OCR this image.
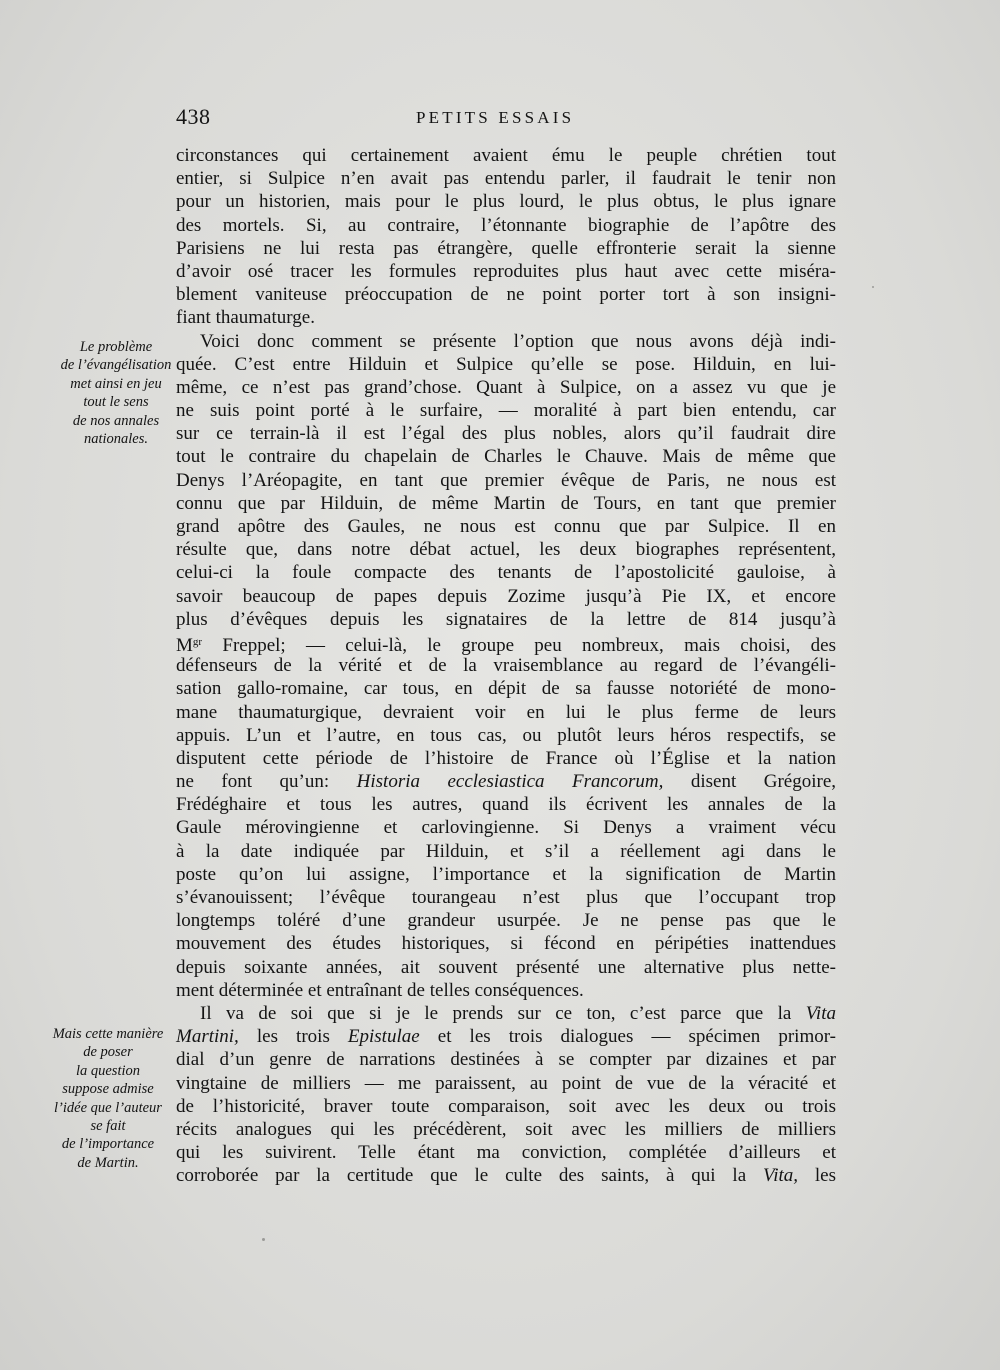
438	PETITS ESSAIS
Le problème
de l’évangélisation
met ainsi en jeu
tout le sens
de nos annales
nationales.
Mais cette manière
de poser
la question
suppose admise
l’idée que l’auteur
se fait
de l’importance
de Martin.
circonstances qui certainement avaient ému le peuple chrétien tout
entier, si Sulpice n’en avait pas entendu parler, il faudrait le tenir non
pour un historien, mais pour le plus lourd, le plus obtus, le plus ignare
des mortels. Si, au contraire, l’étonnante biographie de l’apôtre des
Parisiens ne lui resta pas étrangère, quelle effronterie serait la sienne
d’avoir osé tracer les formules reproduites plus haut avec cette miséra-
blement vaniteuse préoccupation de ne point porter tort à son insigni-
fiant thaumaturge.
Voici donc comment se présente l’option que nous avons déjà indi-
quée. C’est entre Hilduin et Sulpice qu’elle se pose. Hilduin, en lui-
même, ce n’est pas grand’chose. Quant à Sulpice, on a assez vu que je
ne suis point porté à le surfaire, — moralité à part bien entendu, car
sur ce terrain-là il est l’égal des plus nobles, alors qu’il faudrait dire
tout le contraire du chapelain de Charles le Chauve. Mais de même que
Denys l’Aréopagite, en tant que premier évêque de Paris, ne nous est
connu que par Hilduin, de même Martin de Tours, en tant que premier
grand apôtre des Gaules, ne nous est connu que par Sulpice. Il en
résulte que, dans notre débat actuel, les deux biographes représentent,
celui-ci la foule compacte des tenants de l’apostolicité gauloise, à
savoir beaucoup de papes depuis Zozime jusqu’à Pie IX, et encore
plus d’évêques depuis les signataires de la lettre de 814 jusqu’à
$M^{gr}$ Freppel; — celui-là, le groupe peu nombreux, mais choisi, des
défenseurs de la vérité et de la vraisemblance au regard de l’évangéli-
sation gallo-romaine, car tous, en dépit de sa fausse notoriété de mono-
mane thaumaturgique, devraient voir en lui le plus ferme de leurs
appuis. L’un et l’autre, en tous cas, ou plutôt leurs héros respectifs, se
disputent cette période de l’histoire de France où l’Église et la nation
ne font qu’un: Historia ecclesiastica Francorum, disent Grégoire,
Frédéghaire et tous les autres, quand ils écrivent les annales de la
Gaule mérovingienne et carlovingienne. Si Denys a vraiment vécu
à la date indiquée par Hilduin, et s’il a réellement agi dans le
poste qu’on lui assigne, l’importance et la signification de Martin
s’évanouissent; l’évêque tourangeau n’est plus que l’occupant trop
longtemps toléré d’une grandeur usurpée. Je ne pense pas que le
mouvement des études historiques, si fécond en péripéties inattendues
depuis soixante années, ait souvent présenté une alternative plus nette-
ment déterminée et entraînant de telles conséquences.
Il va de soi que si je le prends sur ce ton, c’est parce que la Vita
Martini, les trois Epistulae et les trois dialogues — spécimen primor-
dial d’un genre de narrations destinées à se compter par dizaines et par
vingtaine de milliers — me paraissent, au point de vue de la véracité et
de l’historicité, braver toute comparaison, soit avec les deux ou trois
récits analogues qui les précédèrent, soit avec les milliers de milliers
qui les suivirent. Telle étant ma conviction, complétée d’ailleurs et
corroborée par la certitude que le culte des saints, à qui la Vita, les
